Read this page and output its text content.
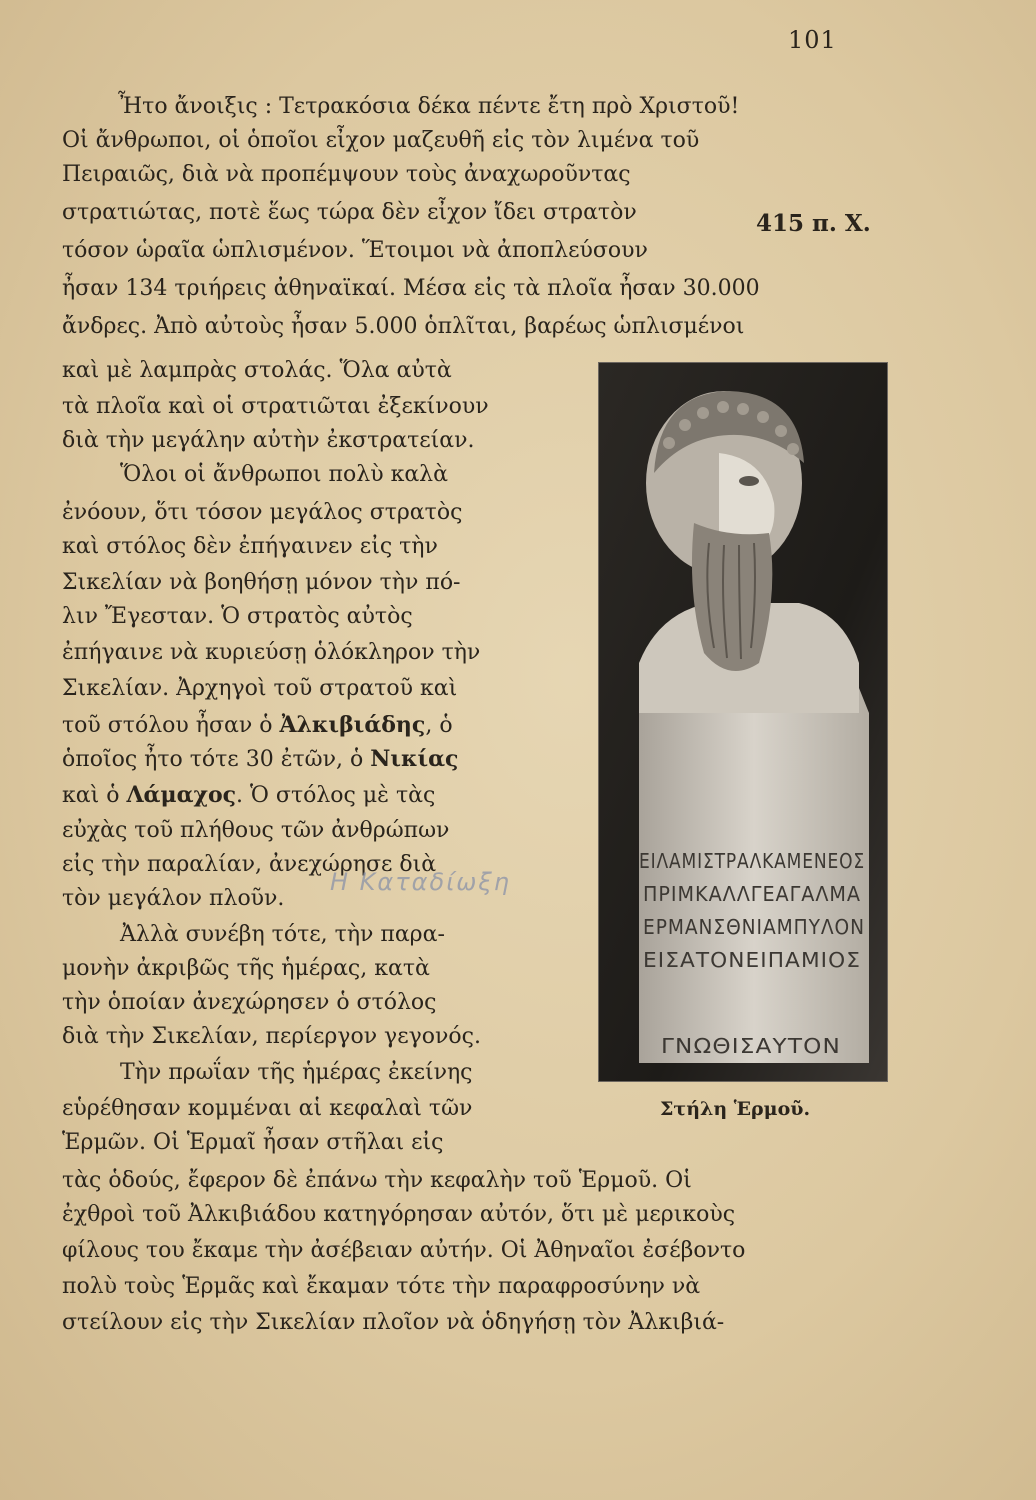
101
Ἦτο ἄνοιξις : Τετρακόσια δέκα πέντε ἔτη πρὸ Χριστοῦ!
Οἱ ἄνθρωποι, οἱ ὁποῖοι εἶχον μαζευθῆ εἰς τὸν λιμένα τοῦ
Πειραιῶς, διὰ νὰ προπέμψουν τοὺς ἀναχωροῦντας
στρατιώτας, ποτὲ ἕως τώρα δὲν εἶχον ἴδει στρατὸν
τόσον ὡραῖα ὡπλισμένον. Ἕτοιμοι νὰ ἀποπλεύσουν
ἦσαν 134 τριήρεις ἀθηναϊκαί. Μέσα εἰς τὰ πλοῖα ἦσαν 30.000
ἄνδρες. Ἀπὸ αὐτοὺς ἦσαν 5.000 ὁπλῖται, βαρέως ὡπλισμένοι
415 π. Χ.
καὶ μὲ λαμπρὰς στολάς. Ὅλα αὐτὰ
τὰ πλοῖα καὶ οἱ στρατιῶται ἐξεκίνουν
διὰ τὴν μεγάλην αὐτὴν ἐκστρατείαν.
Ὅλοι οἱ ἄνθρωποι πολὺ καλὰ
ἐνόουν, ὅτι τόσον μεγάλος στρατὸς
καὶ στόλος δὲν ἐπήγαινεν εἰς τὴν
Σικελίαν νὰ βοηθήσῃ μόνον τὴν πό-
λιν Ἔγεσταν. Ὁ στρατὸς αὐτὸς
ἐπήγαινε νὰ κυριεύσῃ ὁλόκληρον τὴν
Σικελίαν. Ἀρχηγοὶ τοῦ στρατοῦ καὶ
τοῦ στόλου ἦσαν ὁ Ἀλκιβιάδης, ὁ
ὁποῖος ἦτο τότε 30 ἐτῶν, ὁ Νικίας
καὶ ὁ Λάμαχος. Ὁ στόλος μὲ τὰς
εὐχὰς τοῦ πλήθους τῶν ἀνθρώπων
εἰς τὴν παραλίαν, ἀνεχώρησε διὰ
τὸν μεγάλον πλοῦν.
Ἀλλὰ συνέβη τότε, τὴν παρα-
μονὴν ἀκριβῶς τῆς ἡμέρας, κατὰ
τὴν ὁποίαν ἀνεχώρησεν ὁ στόλος
διὰ τὴν Σικελίαν, περίεργον γεγονός.
Τὴν πρωΐαν τῆς ἡμέρας ἐκείνης
εὑρέθησαν κομμέναι αἱ κεφαλαὶ τῶν
Ἑρμῶν. Οἱ Ἑρμαῖ ἦσαν στῆλαι εἰς
τὰς ὁδούς, ἔφερον δὲ ἐπάνω τὴν κεφαλὴν τοῦ Ἑρμοῦ. Οἱ
ἐχθροὶ τοῦ Ἀλκιβιάδου κατηγόρησαν αὐτόν, ὅτι μὲ μερικοὺς
φίλους του ἔκαμε τὴν ἀσέβειαν αὐτήν. Οἱ Ἀθηναῖοι ἐσέβοντο
πολὺ τοὺς Ἑρμᾶς καὶ ἔκαμαν τότε τὴν παραφροσύνην νὰ
στείλουν εἰς τὴν Σικελίαν πλοῖον νὰ ὁδηγήσῃ τὸν Ἀλκιβιά-
Η Καταδίωξη
ΕΙΛΑΜΙΣΤΡΑΛΚΑΜΕΝΕΟΣ
ΠΡΙΜΚΑΛΛΓΕΑΓΑΛΜΑ
ΕΡΜΑΝΣΘΝΙΑΜΠΥΛΟΝ
ΕΙΣΑΤΟΝΕΙΠΑΜΙΟΣ
ΓΝΩΘΙΣΑΥΤΟΝ
Στήλη Ἑρμοῦ.
